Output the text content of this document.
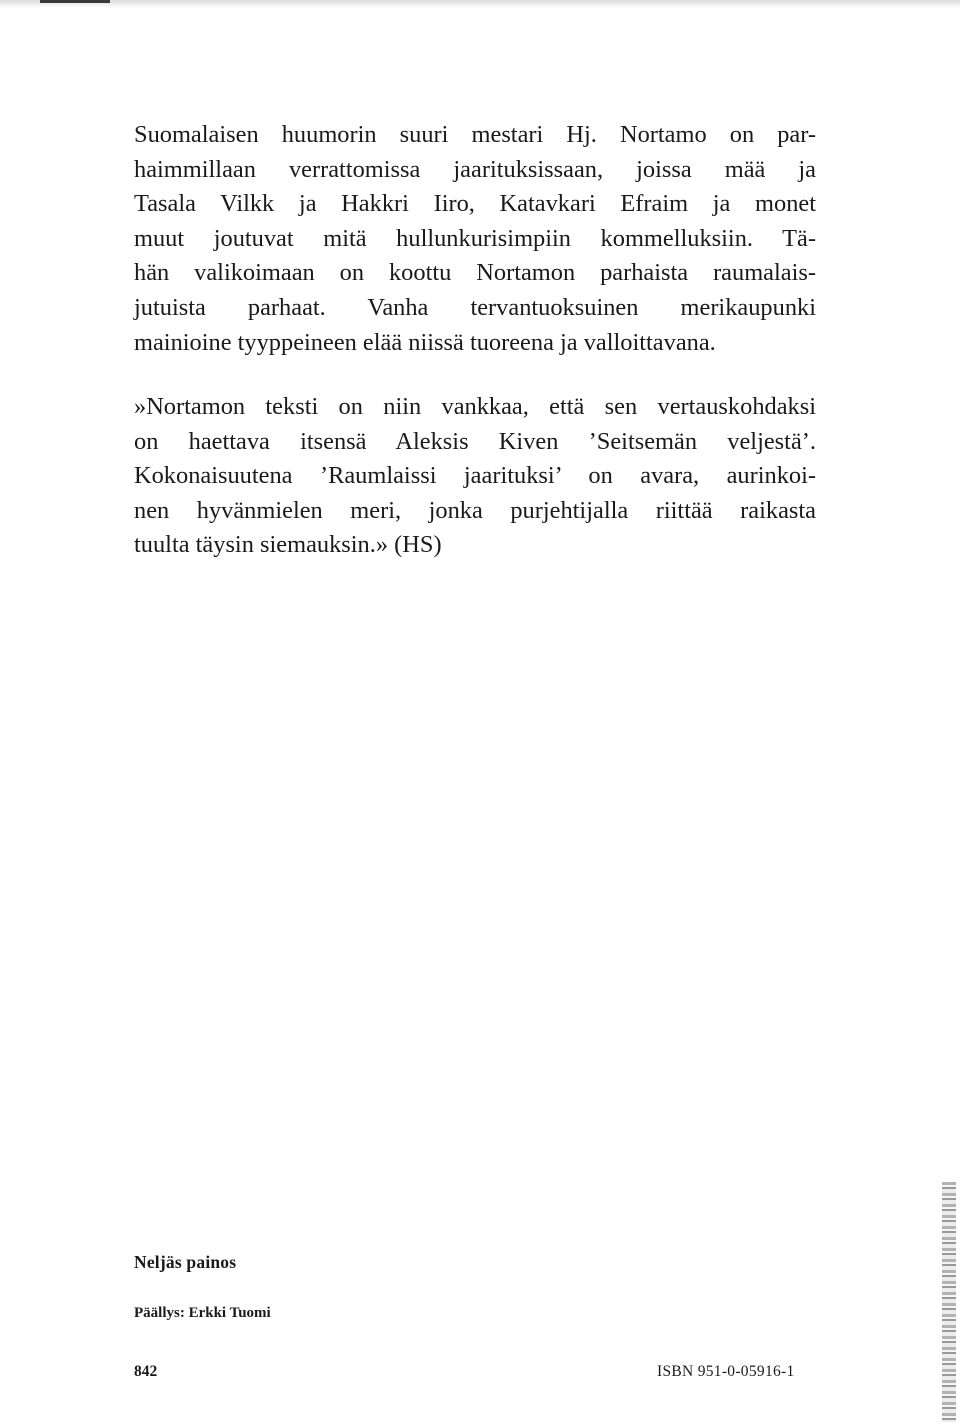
Suomalaisen huumorin suuri mestari Hj. Nortamo on par-
haimmillaan verrattomissa jaarituksissaan, joissa mää ja
Tasala Vilkk ja Hakkri Iiro, Katavkari Efraim ja monet
muut joutuvat mitä hullunkurisimpiin kommelluksiin. Tä-
hän valikoimaan on koottu Nortamon parhaista raumalais-
jutuista parhaat. Vanha tervantuoksuinen merikaupunki
mainioine tyyppeineen elää niissä tuoreena ja valloittavana.
»Nortamon teksti on niin vankkaa, että sen vertauskohdaksi
on haettava itsensä Aleksis Kiven ’Seitsemän veljestä’.
Kokonaisuutena ’Raumlaissi jaarituksi’ on avara, aurinkoi-
nen hyvänmielen meri, jonka purjehtijalla riittää raikasta
tuulta täysin siemauksin.» (HS)

Neljäs painos

Päällys: Erkki Tuomi

842	ISBN 951-0-05916-1
